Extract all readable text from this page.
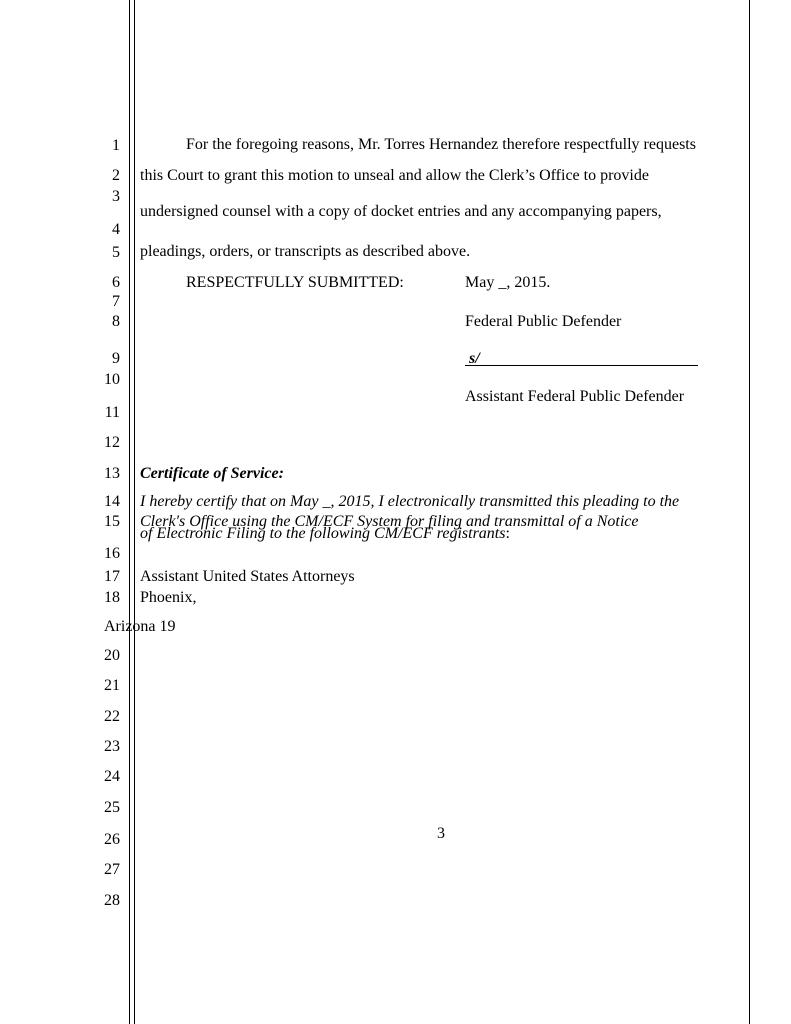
1
2
3
4
5
6
7
8
9
10
11
12
13
14
15
16
17
18
20
21
22
23
24
25
26
27
28
For the foregoing reasons, Mr. Torres Hernandez therefore respectfully requests
this Court to grant this motion to unseal and allow the Clerk’s Office to provide
undersigned counsel with a copy of docket entries and any accompanying papers,
pleadings, orders, or transcripts as described above.
RESPECTFULLY SUBMITTED:	May _, 2015.
Federal Public Defender
s/
Assistant Federal Public Defender
Certificate of Service:
I hereby certify that on May _, 2015, I electronically transmitted this pleading to the
Clerk's Office using the CM/ECF System for filing and transmittal of a Notice
of Electronic Filing to the following CM/ECF registrants:
Assistant United States Attorneys
Phoenix,
Arizona 19
3
